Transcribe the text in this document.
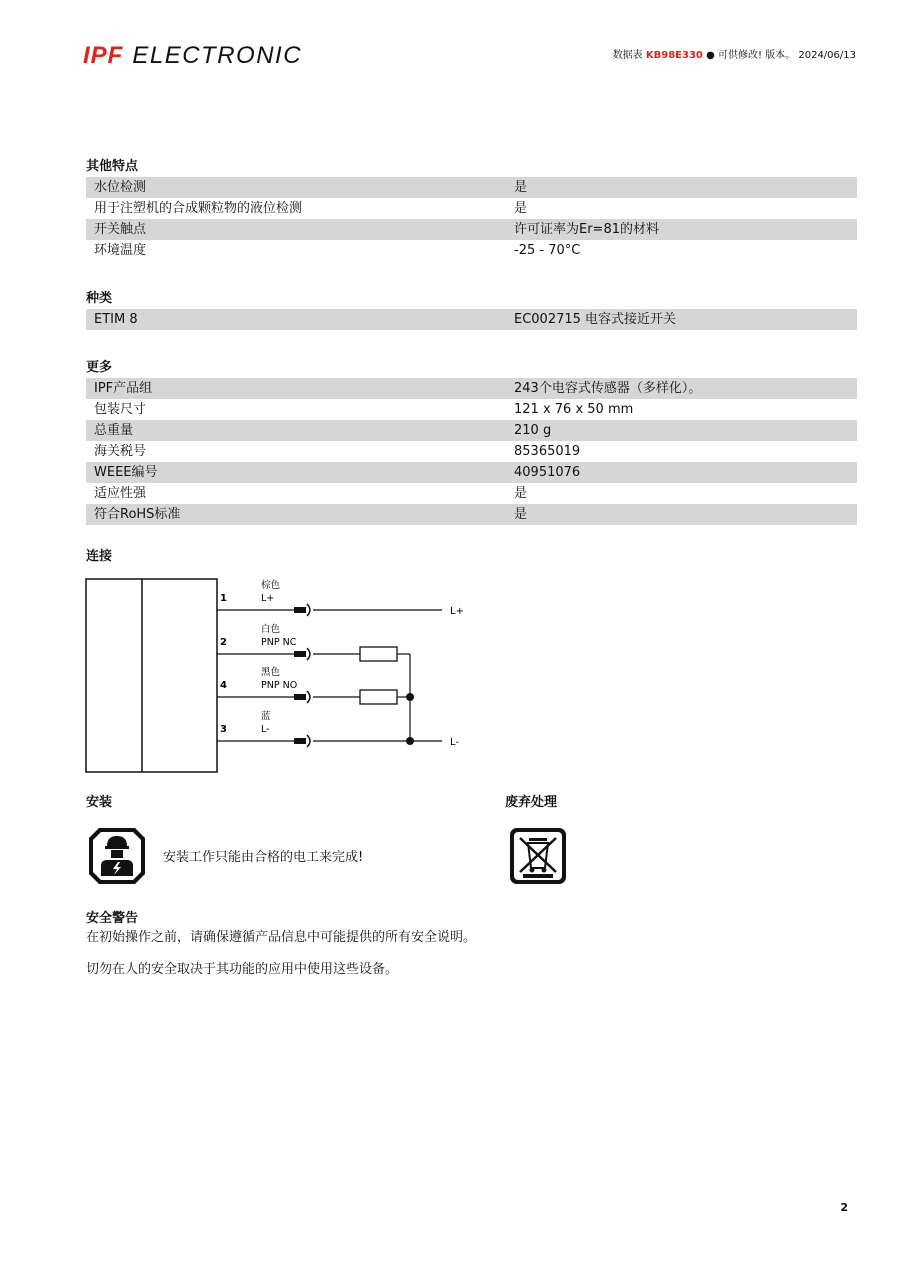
IPF ELECTRONIC	数据表 KB98E330 ● 可供修改! 版本。 2024/06/13
其他特点
水位检测	是
用于注塑机的合成颗粒物的液位检测	是
开关触点	许可证率为Er=81的材料
环境温度	-25 - 70°C
种类
ETIM 8	EC002715 电容式接近开关
更多
IPF产品组	243个电容式传感器（多样化）。
包装尺寸	121 x 76 x 50 mm
总重量	210 g
海关税号	85365019
WEEE编号	40951076
适应性强	是
符合RoHS标准	是
连接
1
2
4
3
棕色
白色
黑色
蓝
L+
PNP NC
PNP NO
L-
L+
L-
安装
安装工作只能由合格的电工来完成!
废弃处理
安全警告
在初始操作之前，请确保遵循产品信息中可能提供的所有安全说明。
切勿在人的安全取决于其功能的应用中使用这些设备。
2
